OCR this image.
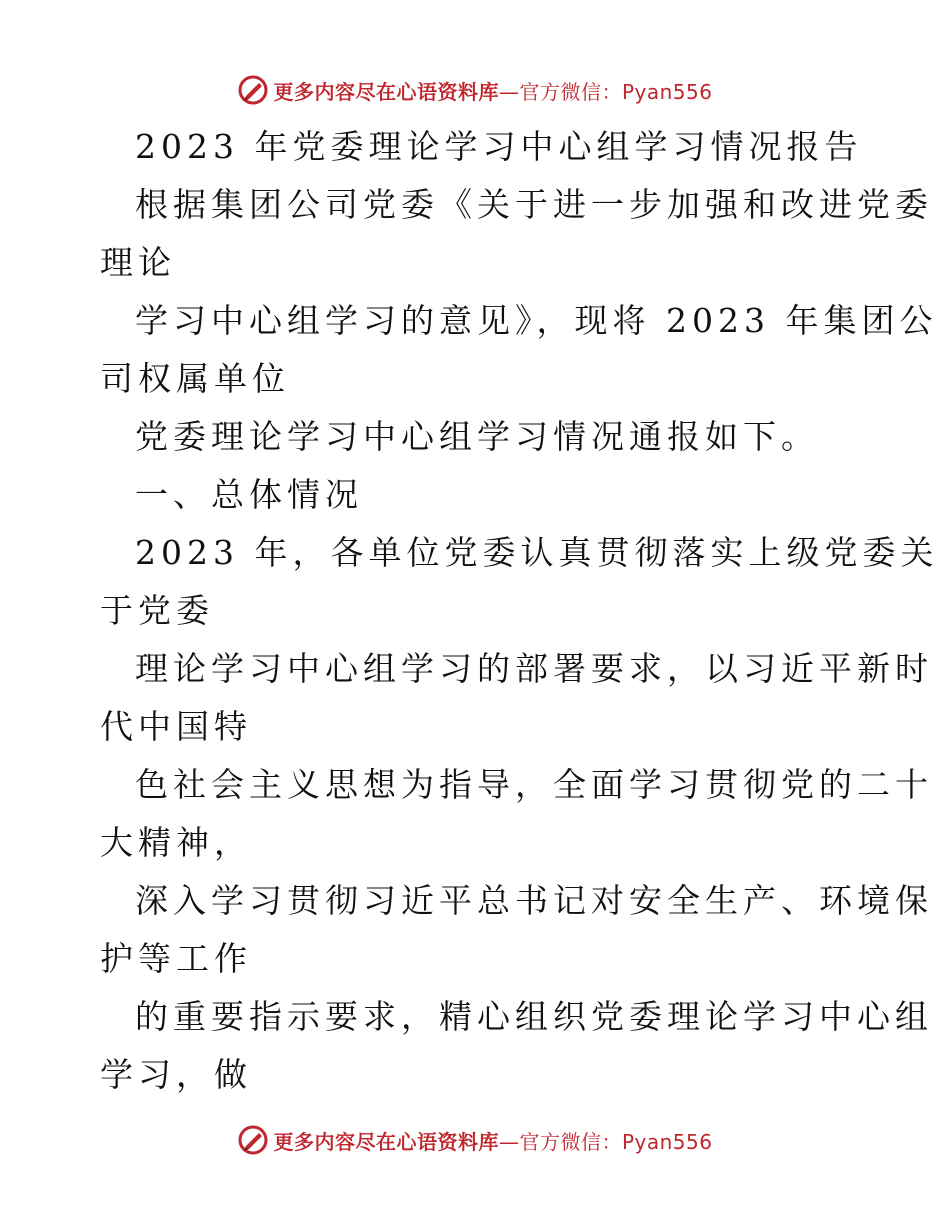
更多内容尽在心语资料库—官方微信：Pyan556
2023 年党委理论学习中心组学习情况报告
根据集团公司党委《关于进一步加强和改进党委
理论
学习中心组学习的意见》，现将 2023 年集团公
司权属单位
党委理论学习中心组学习情况通报如下。
一、总体情况
2023 年，各单位党委认真贯彻落实上级党委关
于党委
理论学习中心组学习的部署要求，以习近平新时
代中国特
色社会主义思想为指导，全面学习贯彻党的二十
大精神，
深入学习贯彻习近平总书记对安全生产、环境保
护等工作
的重要指示要求，精心组织党委理论学习中心组
学习，做
更多内容尽在心语资料库—官方微信：Pyan556
